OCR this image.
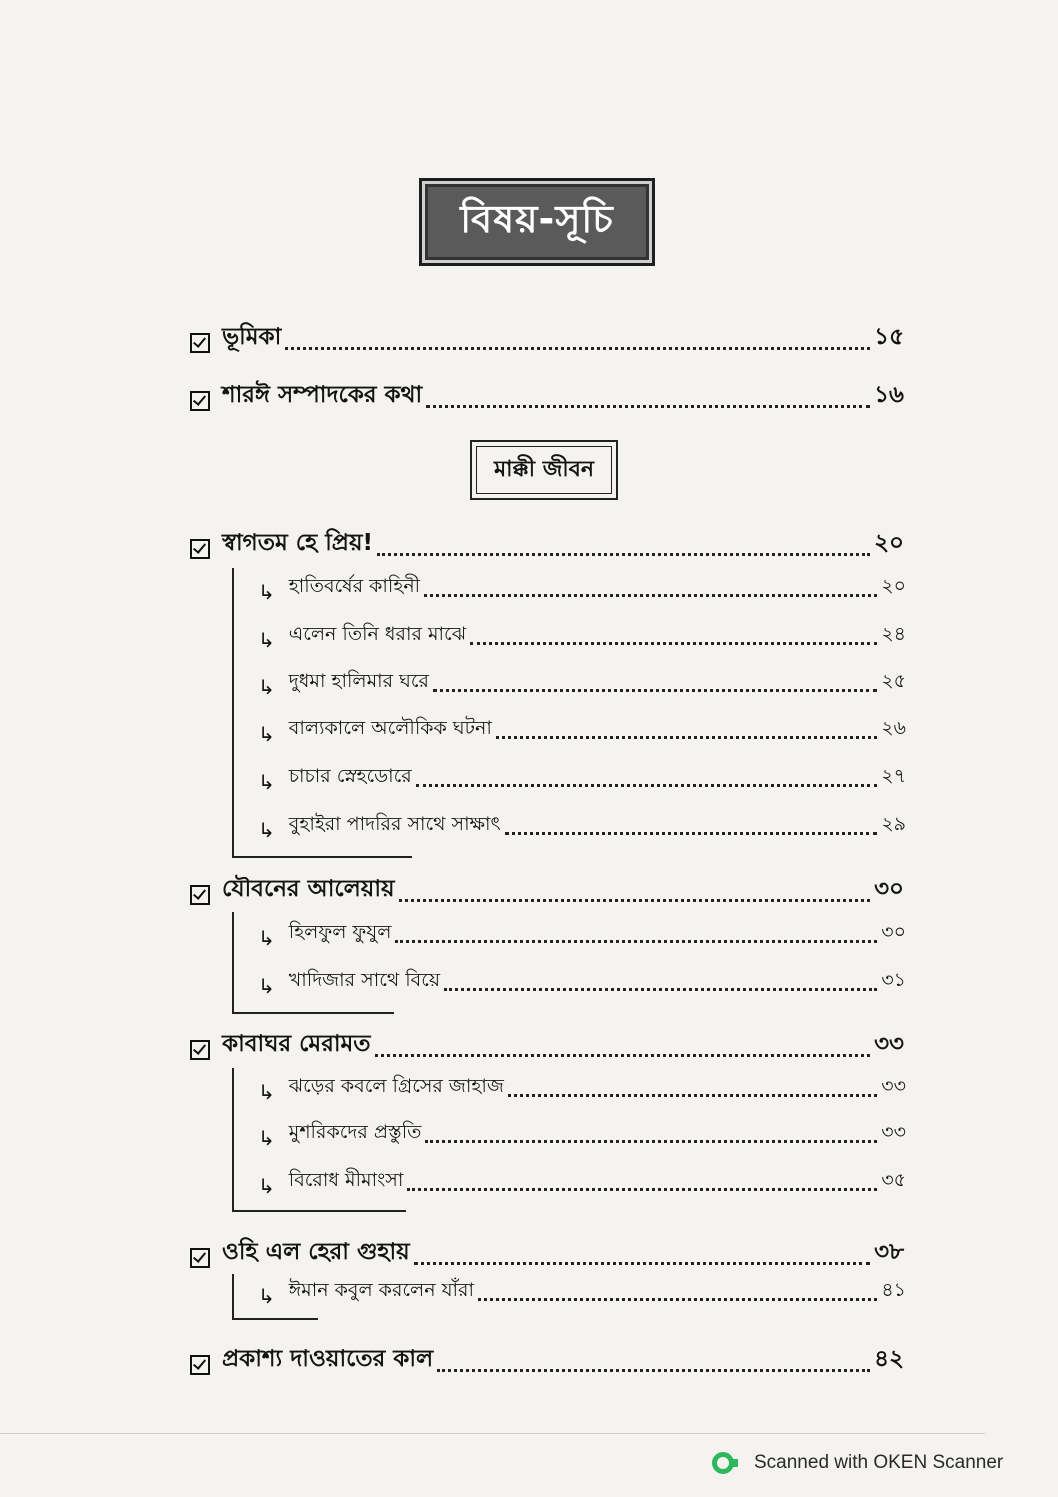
বিষয়-সূচি
ভূমিকা	১৫
শারঈ সম্পাদকের কথা	১৬
মাক্কী জীবন
স্বাগতম হে প্রিয়!	২০
↳ হাতিবর্ষের কাহিনী	২০
↳ এলেন তিনি ধরার মাঝে	২৪
↳ দুধমা হালিমার ঘরে	২৫
↳ বাল্যকালে অলৌকিক ঘটনা	২৬
↳ চাচার স্নেহডোরে	২৭
↳ বুহাইরা পাদরির সাথে সাক্ষাৎ	২৯
যৌবনের আলেয়ায়	৩০
↳ হিলফুল ফুযুল	৩০
↳ খাদিজার সাথে বিয়ে	৩১
কাবাঘর মেরামত	৩৩
↳ ঝড়ের কবলে গ্রিসের জাহাজ	৩৩
↳ মুশরিকদের প্রস্তুতি	৩৩
↳ বিরোধ মীমাংসা	৩৫
ওহি এল হেরা গুহায়	৩৮
↳ ঈমান কবুল করলেন যাঁরা	৪১
প্রকাশ্য দাওয়াতের কাল	৪২
Scanned with OKEN Scanner
